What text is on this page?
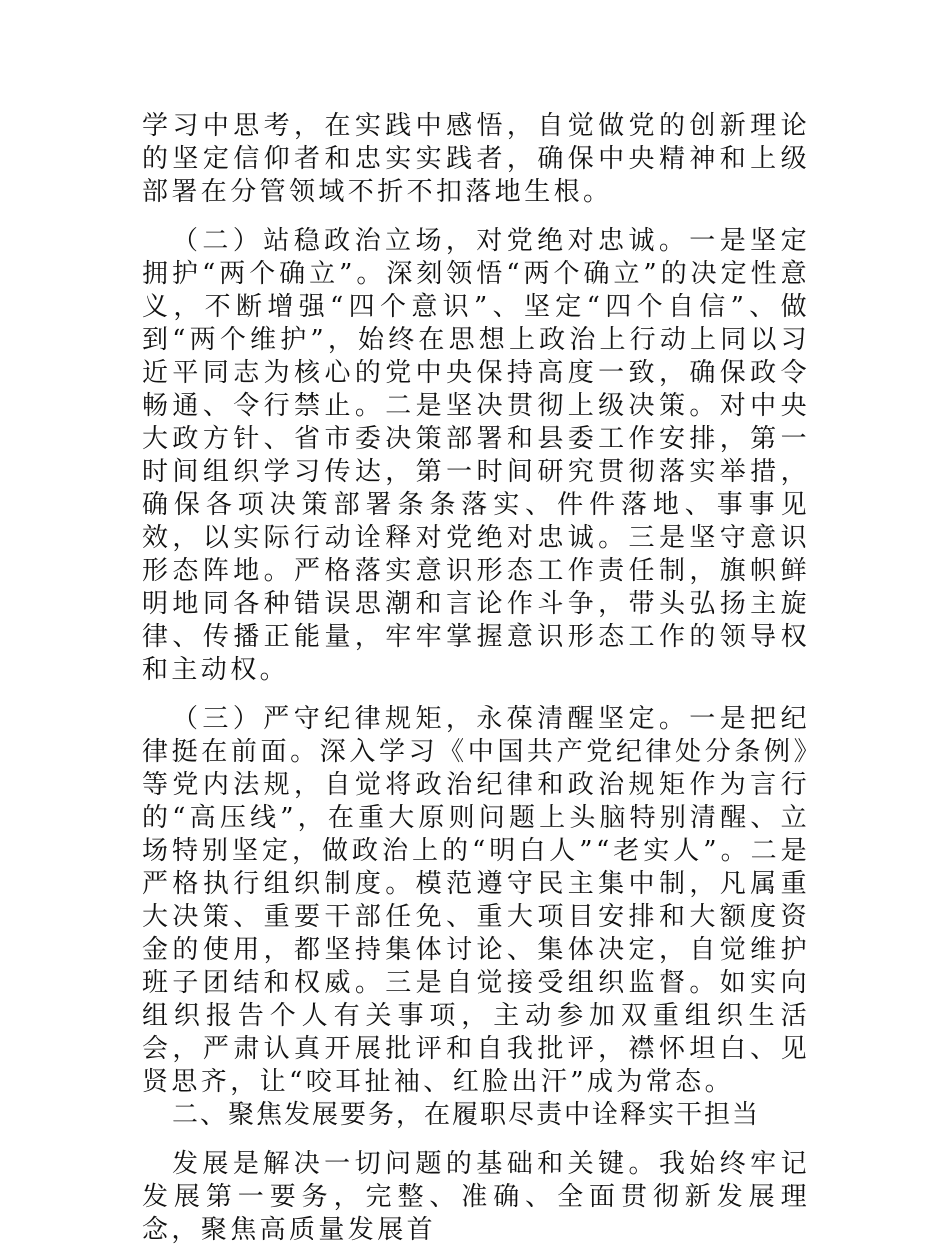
学习中思考，在实践中感悟，自觉做党的创新理论的坚定信仰者和忠实实践者，确保中央精神和上级部署在分管领域不折不扣落地生根。

（二）站稳政治立场，对党绝对忠诚。一是坚定拥护“两个确立”。深刻领悟“两个确立”的决定性意义，不断增强“四个意识”、坚定“四个自信”、做到“两个维护”，始终在思想上政治上行动上同以习近平同志为核心的党中央保持高度一致，确保政令畅通、令行禁止。二是坚决贯彻上级决策。对中央大政方针、省市委决策部署和县委工作安排，第一时间组织学习传达，第一时间研究贯彻落实举措，确保各项决策部署条条落实、件件落地、事事见效，以实际行动诠释对党绝对忠诚。三是坚守意识形态阵地。严格落实意识形态工作责任制，旗帜鲜明地同各种错误思潮和言论作斗争，带头弘扬主旋律、传播正能量，牢牢掌握意识形态工作的领导权和主动权。

（三）严守纪律规矩，永葆清醒坚定。一是把纪律挺在前面。深入学习《中国共产党纪律处分条例》等党内法规，自觉将政治纪律和政治规矩作为言行的“高压线”，在重大原则问题上头脑特别清醒、立场特别坚定，做政治上的“明白人”“老实人”。二是严格执行组织制度。模范遵守民主集中制，凡属重大决策、重要干部任免、重大项目安排和大额度资金的使用，都坚持集体讨论、集体决定，自觉维护班子团结和权威。三是自觉接受组织监督。如实向组织报告个人有关事项，主动参加双重组织生活会，严肃认真开展批评和自我批评，襟怀坦白、见贤思齐，让“咬耳扯袖、红脸出汗”成为常态。

二、聚焦发展要务，在履职尽责中诠释实干担当

发展是解决一切问题的基础和关键。我始终牢记发展第一要务，完整、准确、全面贯彻新发展理念，聚焦高质量发展首
